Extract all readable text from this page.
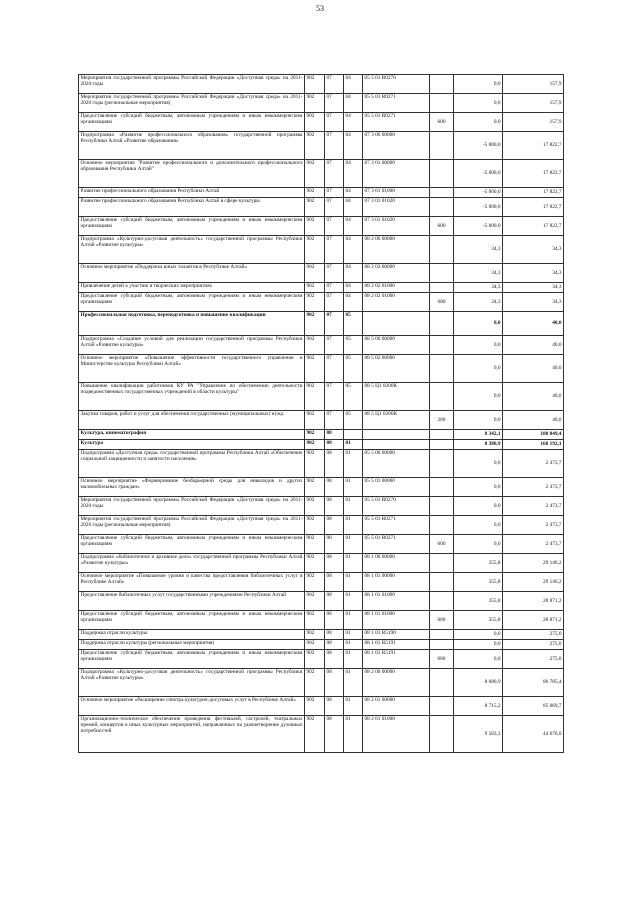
53
Мероприятия государственной программы Российской Федерации «Доступная среда» на 2011-2020 годы	902	07	04	05 5 01 R0270		0,0	157,9
Мероприятия государственной программы Российской Федерации «Доступная среда» на 2011-2020 годы (региональные мероприятия)	902	07	04	05 5 01 R0271		0,0	157,9
Предоставление субсидий бюджетным, автономным учреждениям и иным некоммерческим организациям	902	07	04	05 5 01 R0271	600	0,0	157,9
Подпрограмма «Развитие профессионального образования» государственной программы Республики Алтай «Развитие образования»	902	07	04	07 3 00 00000		-5 000,0	17 822,7
Основное мероприятие "Развитие профессионального и дополнительного профессионального образования Республики Алтай"	902	07	04	07 3 01 00000		-5 000,0	17 822,7
Развитие профессионального образования Республики Алтай	902	07	04	07 3 01 01000		-5 000,0	17 822,7
Развитие профессионального образования Республики Алтай в сфере культуры	902	07	04	07 3 01 01020		-5 000,0	17 822,7
Предоставление субсидий бюджетным, автономным учреждениям и иным некоммерческим организациям	902	07	04	07 3 01 01020	600	-5 000,0	17 822,7
Подпрограмма «Культурно-досуговая деятельность» государственной программы Республики Алтай «Развитие культуры»	902	07	04	08 2 00 00000		34,3	34,3
Основное мероприятие «Поддержка юных талантов в Республике Алтай»	902	07	04	08 2 02 00000		34,3	34,3
Привлечение детей к участию в творческих мероприятиях	902	07	04	08 2 02 01000		34,3	34,3
Предоставление субсидий бюджетным, автономным учреждениям и иным некоммерческим организациям	902	07	04	08 2 02 01000	600	34,3	34,3
Профессиональная подготовка, переподготовка и повышение квалификации	902	07	05			0,0	40,0
Подпрограмма «Создание условий для реализации государственной программы Республики Алтай «Развитие культуры»	902	07	05	08 5 00 00000		0,0	40,0
Основное мероприятие «Повышение эффективности государственного управления в Министерстве культуры Республики Алтай»	902	07	05	08 5 02 00000		0,0	40,0
Повышение квалификации работников КУ РА "Управление по обеспечению деятельности подведомственных государственных учреждений в области культуры"	902	07	05	08 5 Ц1 0200К		0,0	40,0
Закупка товаров, работ и услуг для обеспечения государственных (муниципальных) нужд	902	07	05	08 5 Ц1 0200К	200	0,0	40,0
Культура, кинематография	902	08				8 342,1	180 049,4
Культура	902	08	01			8 380,9	160 192,1
Подпрограмма «Доступная среда» государственной программы Республики Алтай «Обеспечение социальной защищенности и занятости населения»	902	08	01	05 5 00 00000		0,0	2 473,7
Основное мероприятие «Формирование безбарьерной среды для инвалидов и других маломобильных граждан»	902	08	01	05 5 01 00000		0,0	2 473,7
Мероприятия государственной программы Российской Федерации «Доступная среда» на 2011-2020 годы	902	08	01	05 5 01 R0270		0,0	2 473,7
Мероприятия государственной программы Российской Федерации «Доступная среда» на 2011-2020 годы (региональные мероприятия)	902	08	01	05 5 01 R0271		0,0	2 473,7
Предоставление субсидий бюджетным, автономным учреждениям и иным некоммерческим организациям	902	08	01	05 5 01 R0271	600	0,0	2 473,7
Подпрограмма «Библиотечное и архивное дело» государственной программы Республики Алтай «Развитие культуры»	902	08	01	08 1 00 00000		355,8	29 146,2
Основное мероприятие «Повышение уровня и качества предоставления библиотечных услуг в Республике Алтай»	902	08	01	08 1 01 00000		355,8	29 146,2
Предоставление библиотечных услуг государственными учреждениями Республики Алтай	902	08	01	08 1 01 01000		355,8	28 871,2
Предоставление субсидий бюджетным, автономным учреждениям и иным некоммерческим организациям	902	08	01	08 1 01 01000	600	355,8	28 871,2
Поддержка отрасли культуры	902	08	01	08 1 01 R5190		0,0	275,0
Поддержка отрасли культуры (региональные мероприятия)	902	08	01	08 1 01 R5191		0,0	275,0
Предоставление субсидий бюджетным, автономным учреждениям и иным некоммерческим организациям	902	08	01	08 1 01 R5191	600	0,0	275,0
Подпрограмма «Культурно-досуговая деятельность» государственной программы Республики Алтай «Развитие культуры»	902	08	01	08 2 00 00000		8 680,9	86 785,4
Основное мероприятие «Расширение спектра культурно-досуговых услуг в Республике Алтай»	902	08	01	08 2 01 00000		8 715,2	85 069,7
Организационно-техническое обеспечение проведения фестивалей, гастролей, театральных премий, концертов и иных культурных мероприятий, направленных на удовлетворение духовных потребностей	902	08	01	08 2 01 01000		9 583,3	44 676,0
